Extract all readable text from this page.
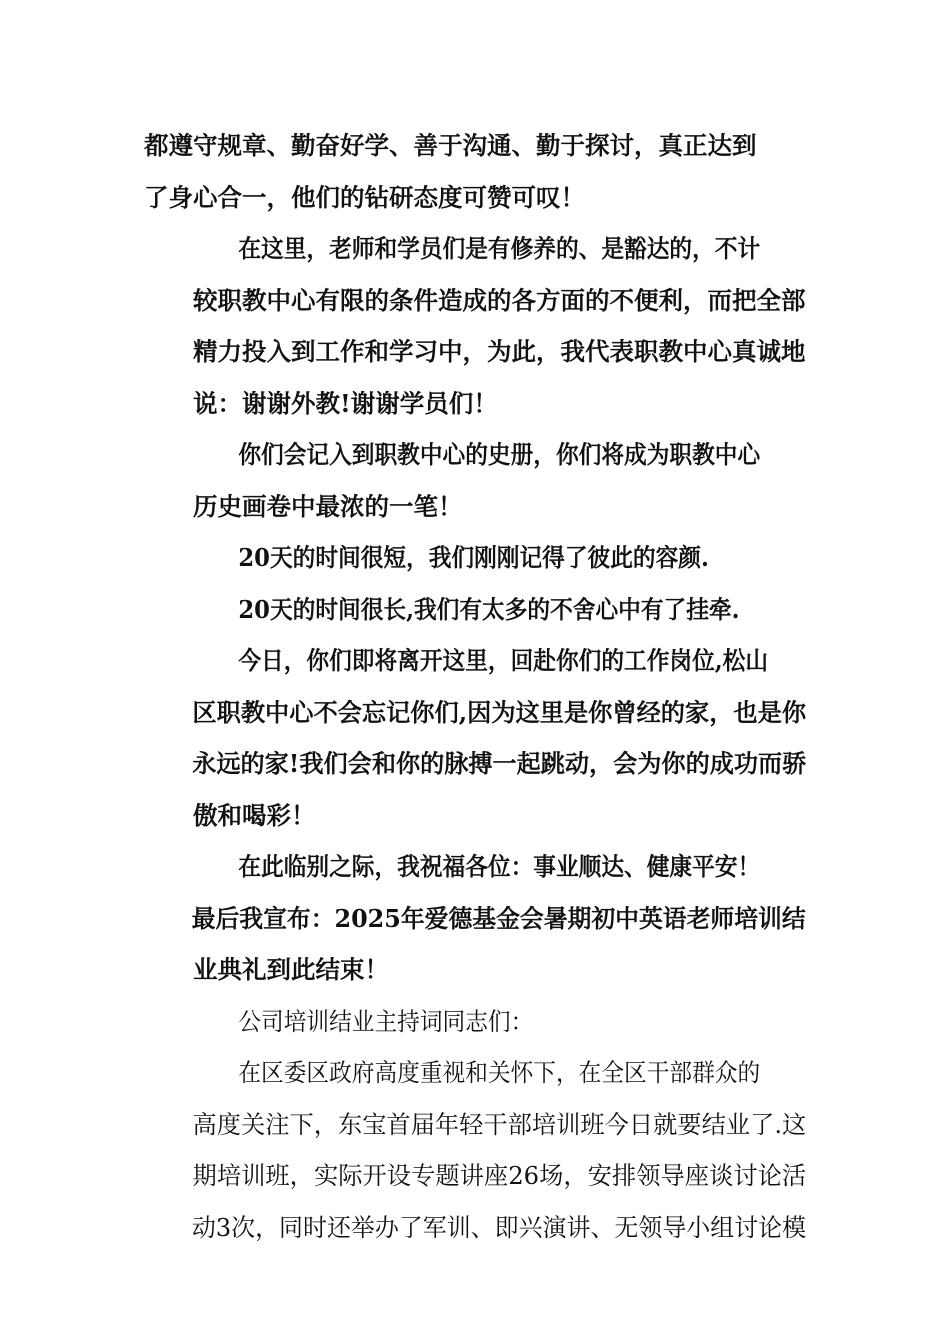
都遵守规章、勤奋好学、善于沟通、勤于探讨，真正达到
了身心合一，他们的钻研态度可赞可叹！

在这里，老师和学员们是有修养的、是豁达的，不计
较职教中心有限的条件造成的各方面的不便利，而把全部
精力投入到工作和学习中，为此，我代表职教中心真诚地
说：谢谢外教!谢谢学员们！

你们会记入到职教中心的史册，你们将成为职教中心
历史画卷中最浓的一笔！

20天的时间很短，我们刚刚记得了彼此的容颜.

20天的时间很长,我们有太多的不舍心中有了挂牵.

今日，你们即将离开这里，回赴你们的工作岗位,松山区职教中心不会忘记你们,因为这里是你曾经的家，也是你永远的家!我们会和你的脉搏一起跳动，会为你的成功而骄
傲和喝彩！

在此临别之际，我祝福各位：事业顺达、健康平安！最后我宣布：2025年爱德基金会暑期初中英语老师培训结
业典礼到此结束！

公司培训结业主持词同志们：

在区委区政府高度重视和关怀下，在全区干部群众的高度关注下，东宝首届年轻干部培训班今日就要结业了.这期培训班，实际开设专题讲座26场，安排领导座谈讨论活动3次，同时还举办了军训、即兴演讲、无领导小组讨论模
